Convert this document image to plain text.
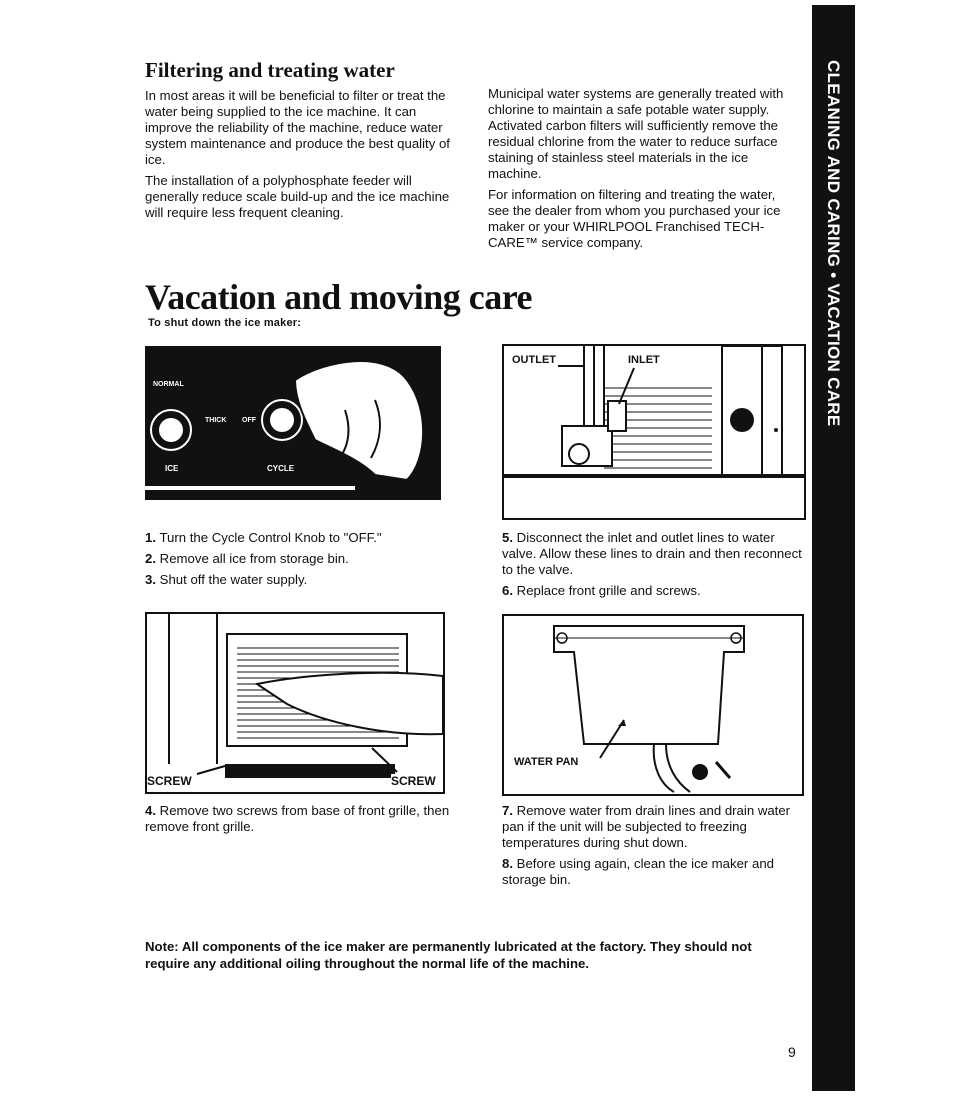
CLEANING AND CARING • VACATION CARE
Filtering and treating water

In most areas it will be beneficial to filter or treat the water being supplied to the ice machine. It can improve the reliability of the machine, reduce water system maintenance and produce the best quality of ice.

The installation of a polyphosphate feeder will generally reduce scale build-up and the ice machine will require less frequent cleaning.

Municipal water systems are generally treated with chlorine to maintain a safe potable water supply. Activated carbon filters will sufficiently remove the residual chlorine from the water to reduce surface staining of stainless steel materials in the ice machine.

For information on filtering and treating the water, see the dealer from whom you purchased your ice maker or your WHIRLPOOL Franchised TECH-CARE™ service company.

Vacation and moving care
To shut down the ice maker:
NORMAL
THICK OFF	CLEAN
ICE	CYCLE
OUTLET	INLET

1. Turn the Cycle Control Knob to "OFF."

2. Remove all ice from storage bin.

3. Shut off the water supply.

5. Disconnect the inlet and outlet lines to water valve. Allow these lines to drain and then reconnect to the valve.

6. Replace front grille and screws.

SCREW	SCREW
WATER PAN

4. Remove two screws from base of front grille, then remove front grille.

7. Remove water from drain lines and drain water pan if the unit will be subjected to freezing temperatures during shut down.

8. Before using again, clean the ice maker and storage bin.

Note: All components of the ice maker are permanently lubricated at the factory. They should not require any additional oiling throughout the normal life of the machine.

9
